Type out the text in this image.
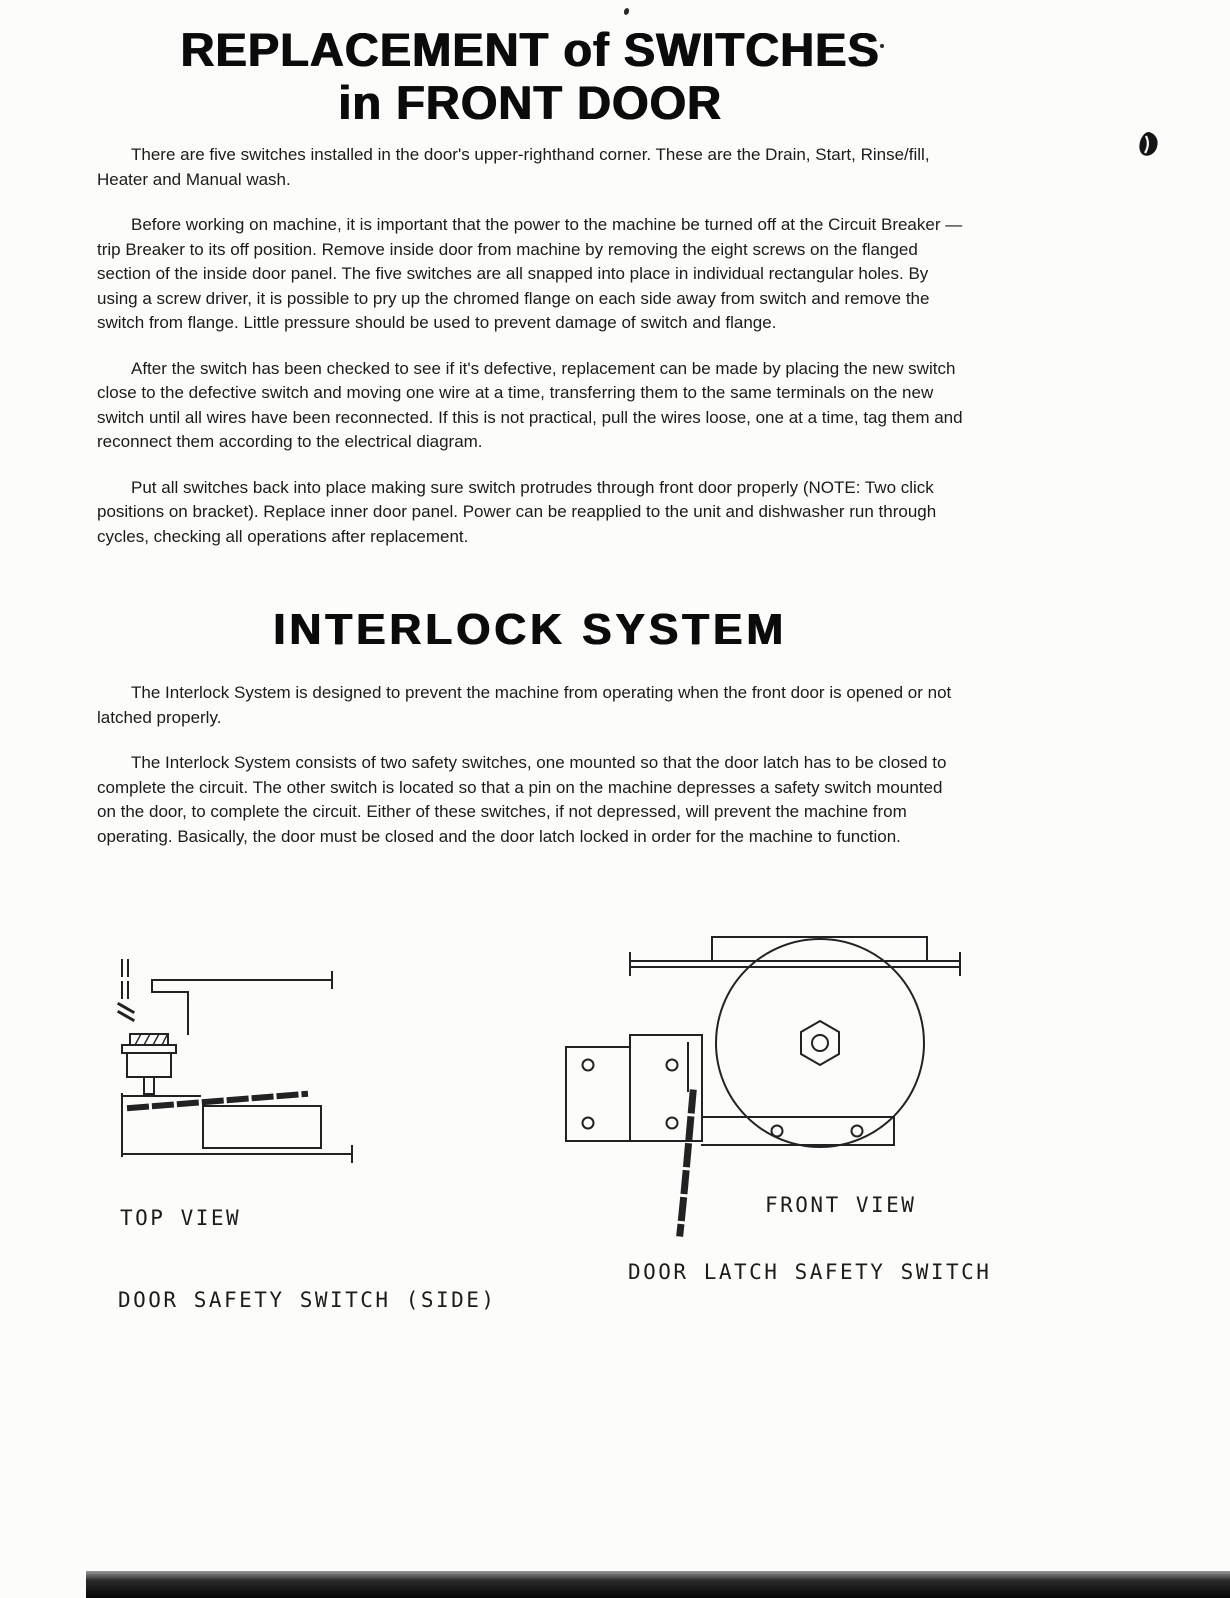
REPLACEMENT of SWITCHES
in FRONT DOOR

There are five switches installed in the door's upper-righthand corner. These are the Drain, Start, Rinse/fill, Heater and Manual wash.

Before working on machine, it is important that the power to the machine be turned off at the Circuit Breaker — trip Breaker to its off position. Remove inside door from machine by removing the eight screws on the flanged section of the inside door panel. The five switches are all snapped into place in individual rectangular holes. By using a screw driver, it is possible to pry up the chromed flange on each side away from switch and remove the switch from flange. Little pressure should be used to prevent damage of switch and flange.

After the switch has been checked to see if it's defective, replacement can be made by placing the new switch close to the defective switch and moving one wire at a time, transferring them to the same terminals on the new switch until all wires have been reconnected. If this is not practical, pull the wires loose, one at a time, tag them and reconnect them according to the electrical diagram.

Put all switches back into place making sure switch protrudes through front door properly (NOTE: Two click positions on bracket). Replace inner door panel. Power can be reapplied to the unit and dishwasher run through cycles, checking all operations after replacement.

INTERLOCK SYSTEM

The Interlock System is designed to prevent the machine from operating when the front door is opened or not latched properly.

The Interlock System consists of two safety switches, one mounted so that the door latch has to be closed to complete the circuit. The other switch is located so that a pin on the machine depresses a safety switch mounted on the door, to complete the circuit. Either of these switches, if not depressed, will prevent the machine from operating. Basically, the door must be closed and the door latch locked in order for the machine to function.

TOP VIEW
DOOR SAFETY SWITCH (SIDE)
FRONT VIEW
DOOR LATCH SAFETY SWITCH
